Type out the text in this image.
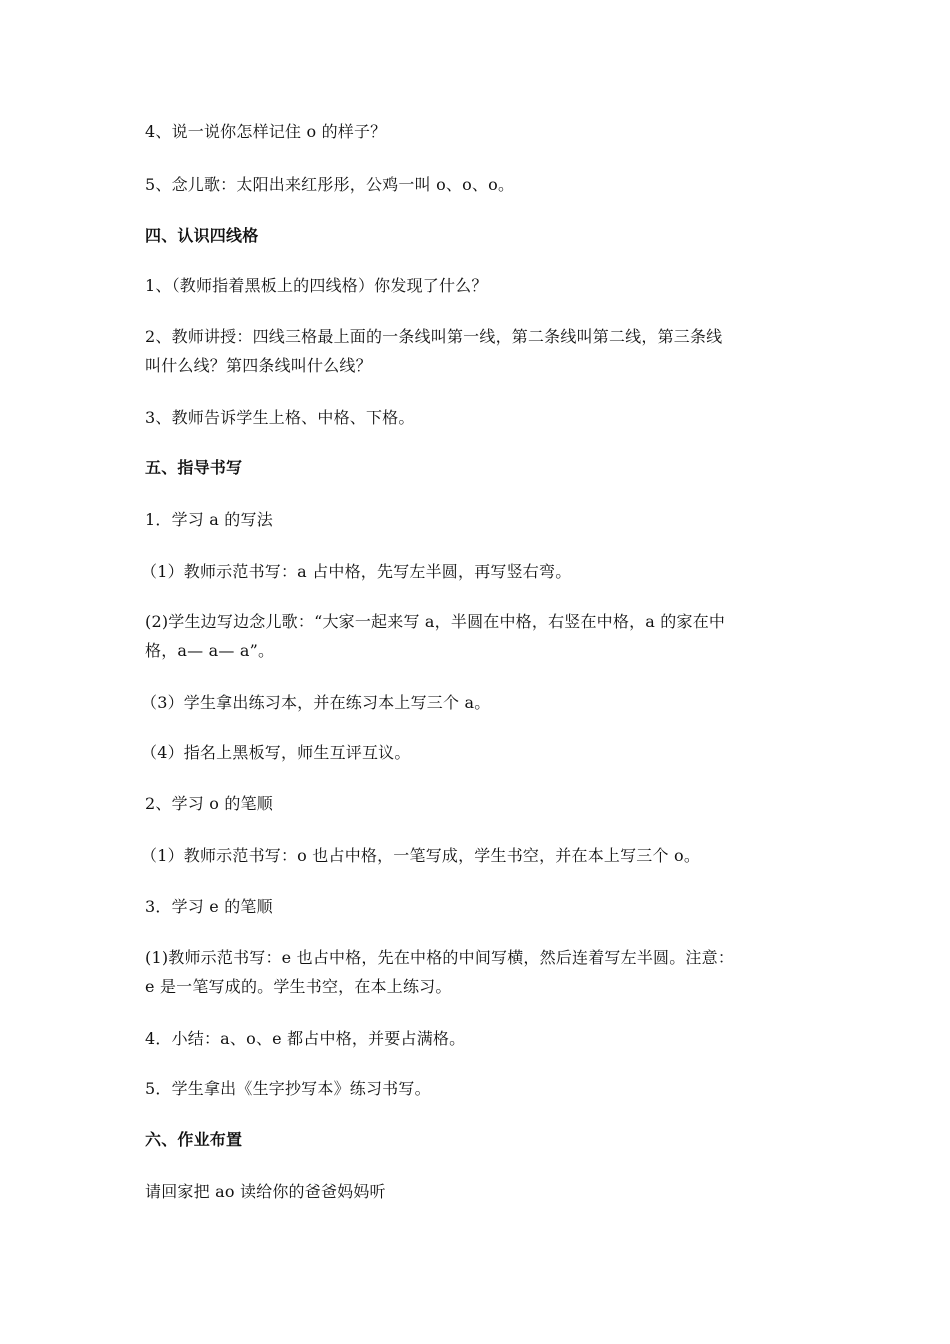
4、说一说你怎样记住 o 的样子？
5、念儿歌：太阳出来红彤彤，公鸡一叫 o、o、o。
四、认识四线格
1、（教师指着黑板上的四线格）你发现了什么？
2、教师讲授：四线三格最上面的一条线叫第一线，第二条线叫第二线，第三条线
叫什么线？第四条线叫什么线？
3、教师告诉学生上格、中格、下格。
五、指导书写
1．学习 a 的写法
（1）教师示范书写：a 占中格，先写左半圆，再写竖右弯。
(2)学生边写边念儿歌：“大家一起来写 a，半圆在中格，右竖在中格，a 的家在中
格，a— a— a”。
（3）学生拿出练习本，并在练习本上写三个 a。
（4）指名上黑板写，师生互评互议。
2、学习 o 的笔顺
（1）教师示范书写：o 也占中格，一笔写成，学生书空，并在本上写三个 o。
3．学习 e 的笔顺
(1)教师示范书写：e 也占中格，先在中格的中间写横，然后连着写左半圆。注意：
e 是一笔写成的。学生书空，在本上练习。
4．小结：a、o、e 都占中格，并要占满格。
5．学生拿出《生字抄写本》练习书写。
六、作业布置
请回家把 ao 读给你的爸爸妈妈听
